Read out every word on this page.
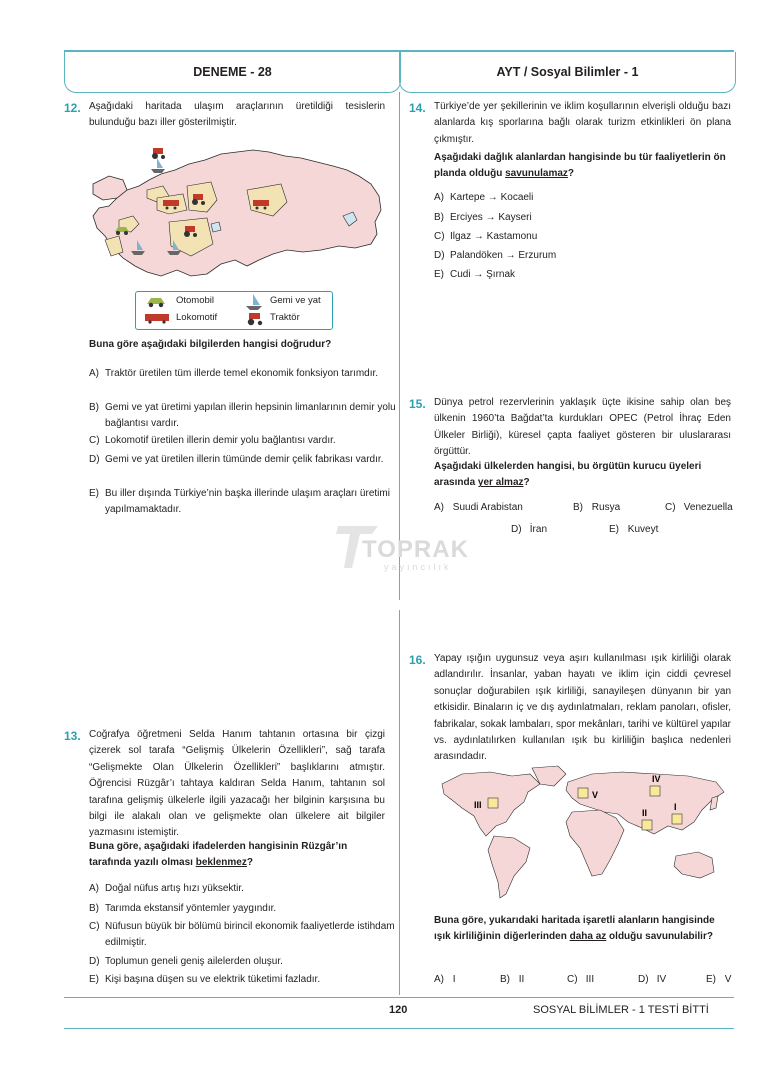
DENEME - 28	AYT / Sosyal Bilimler - 1
12. Aşağıdaki haritada ulaşım araçlarının üretildiği tesislerin bulunduğu bazı iller gösterilmiştir.
Otomobil
Lokomotif
Gemi ve yat
Traktör
Buna göre aşağıdaki bilgilerden hangisi doğrudur?
A) Traktör üretilen tüm illerde temel ekonomik fonksiyon tarımdır.
B) Gemi ve yat üretimi yapılan illerin hepsinin limanlarının demir yolu bağlantısı vardır.
C) Lokomotif üretilen illerin demir yolu bağlantısı vardır.
D) Gemi ve yat üretilen illerin tümünde demir çelik fabrikası vardır.
E) Bu iller dışında Türkiye’nin başka illerinde ulaşım araçları üretimi yapılmamaktadır.
13. Coğrafya öğretmeni Selda Hanım tahtanın ortasına bir çizgi çizerek sol tarafa “Gelişmiş Ülkelerin Özellikleri”, sağ tarafa “Gelişmekte Olan Ülkelerin Özellikleri” başlıklarını atmıştır. Öğrencisi Rüzgâr’ı tahtaya kaldıran Selda Hanım, tahtanın sol tarafına gelişmiş ülkelerle ilgili yazacağı her bilginin karşısına bu bilgi ile alakalı olan ve gelişmekte olan ülkelere ait bilgiler yazmasını istemiştir.
Buna göre, aşağıdaki ifadelerden hangisinin Rüzgâr’ın tarafında yazılı olması beklenmez?
A) Doğal nüfus artış hızı yüksektir.
B) Tarımda ekstansif yöntemler yaygındır.
C) Nüfusun büyük bir bölümü birincil ekonomik faaliyetlerde istihdam edilmiştir.
D) Toplumun geneli geniş ailelerden oluşur.
E) Kişi başına düşen su ve elektrik tüketimi fazladır.
14. Türkiye’de yer şekillerinin ve iklim koşullarının elverişli olduğu bazı alanlarda kış sporlarına bağlı olarak turizm etkinlikleri ön plana çıkmıştır.
Aşağıdaki dağlık alanlardan hangisinde bu tür faaliyetlerin ön planda olduğu savunulamaz?
A) Kartepe → Kocaeli
B) Erciyes → Kayseri
C) Ilgaz → Kastamonu
D) Palandöken → Erzurum
E) Cudi → Şırnak
15. Dünya petrol rezervlerinin yaklaşık üçte ikisine sahip olan beş ülkenin 1960’ta Bağdat’ta kurdukları OPEC (Petrol İhraç Eden Ülkeler Birliği), küresel çapta faaliyet gösteren bir uluslararası örgüttür.
Aşağıdaki ülkelerden hangisi, bu örgütün kurucu üyeleri arasında yer almaz?
A) Suudi Arabistan	B) Rusya	C) Venezuella
D) İran	E) Kuveyt
TOPRAK
yayıncılık
16. Yapay ışığın uygunsuz veya aşırı kullanılması ışık kirliliği olarak adlandırılır. İnsanlar, yaban hayatı ve iklim için ciddi çevresel sonuçlar doğurabilen ışık kirliliği, sanayileşen dünyanın bir yan etkisidir. Binaların iç ve dış aydınlatmaları, reklam panoları, ofisler, fabrikalar, sokak lambaları, spor mekânları, tarihi ve kültürel yapılar vs. aydınlatılırken kullanılan ışık bu kirliliğin başlıca nedenleri arasındadır.
III
V
IV
II
I
Buna göre, yukarıdaki haritada işaretli alanların hangisinde ışık kirliliğinin diğerlerinden daha az olduğu savunulabilir?
A) I	B) II	C) III	D) IV	E) V
120	SOSYAL BİLİMLER - 1 TESTİ BİTTİ
